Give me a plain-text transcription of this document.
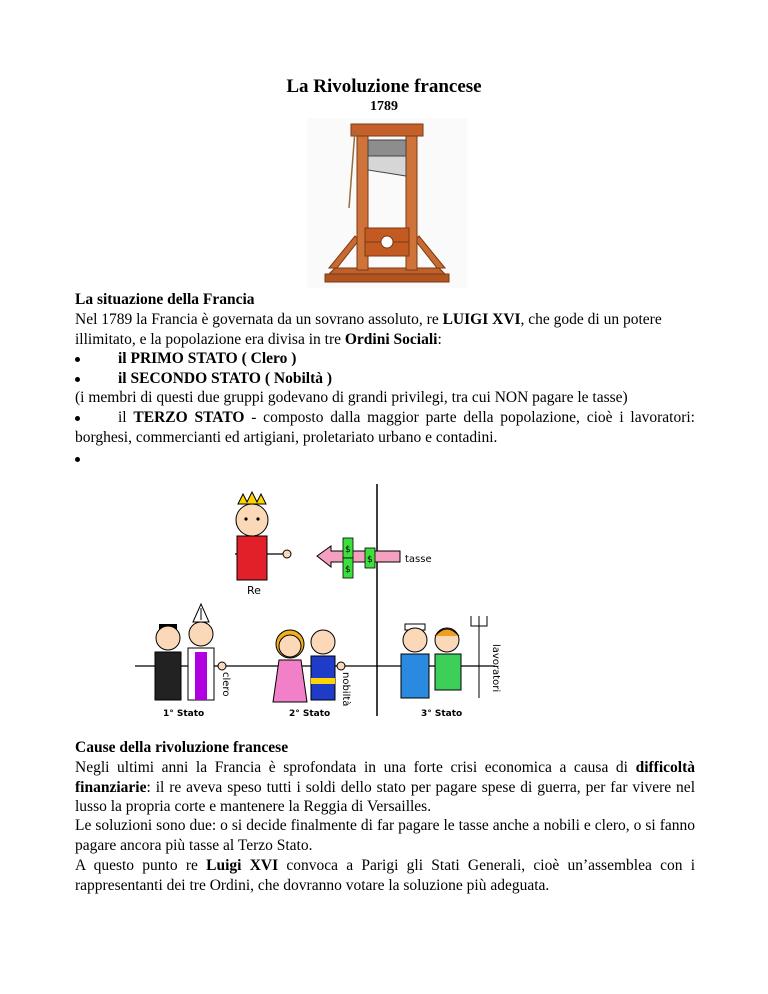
La Rivoluzione francese
1789
La situazione della Francia
Nel 1789 la Francia è governata da un sovrano assoluto, re LUIGI XVI, che gode di un potere illimitato, e la popolazione era divisa in tre Ordini Sociali:
il PRIMO STATO ( Clero )
il SECONDO STATO ( Nobiltà )
(i membri di questi due gruppi godevano di grandi privilegi, tra cui NON pagare le tasse)
il TERZO STATO - composto dalla maggior parte della popolazione, cioè i lavoratori: borghesi, commercianti ed artigiani, proletariato urbano e contadini.
Re
tasse
$
$
$
clero	nobiltà	lavoratori
1° Stato	2° Stato	3° Stato
Cause della rivoluzione francese
Negli ultimi anni la Francia è sprofondata in una forte crisi economica a causa di difficoltà finanziarie: il re aveva speso tutti i soldi dello stato per pagare spese di guerra, per far vivere nel lusso la propria corte e mantenere la Reggia di Versailles.
Le soluzioni sono due: o si decide finalmente di far pagare le tasse anche a nobili e clero, o si fanno pagare ancora più tasse al Terzo Stato.
A questo punto re Luigi XVI convoca a Parigi gli Stati Generali, cioè un’assemblea con i rappresentanti dei tre Ordini, che dovranno votare la soluzione più adeguata.
